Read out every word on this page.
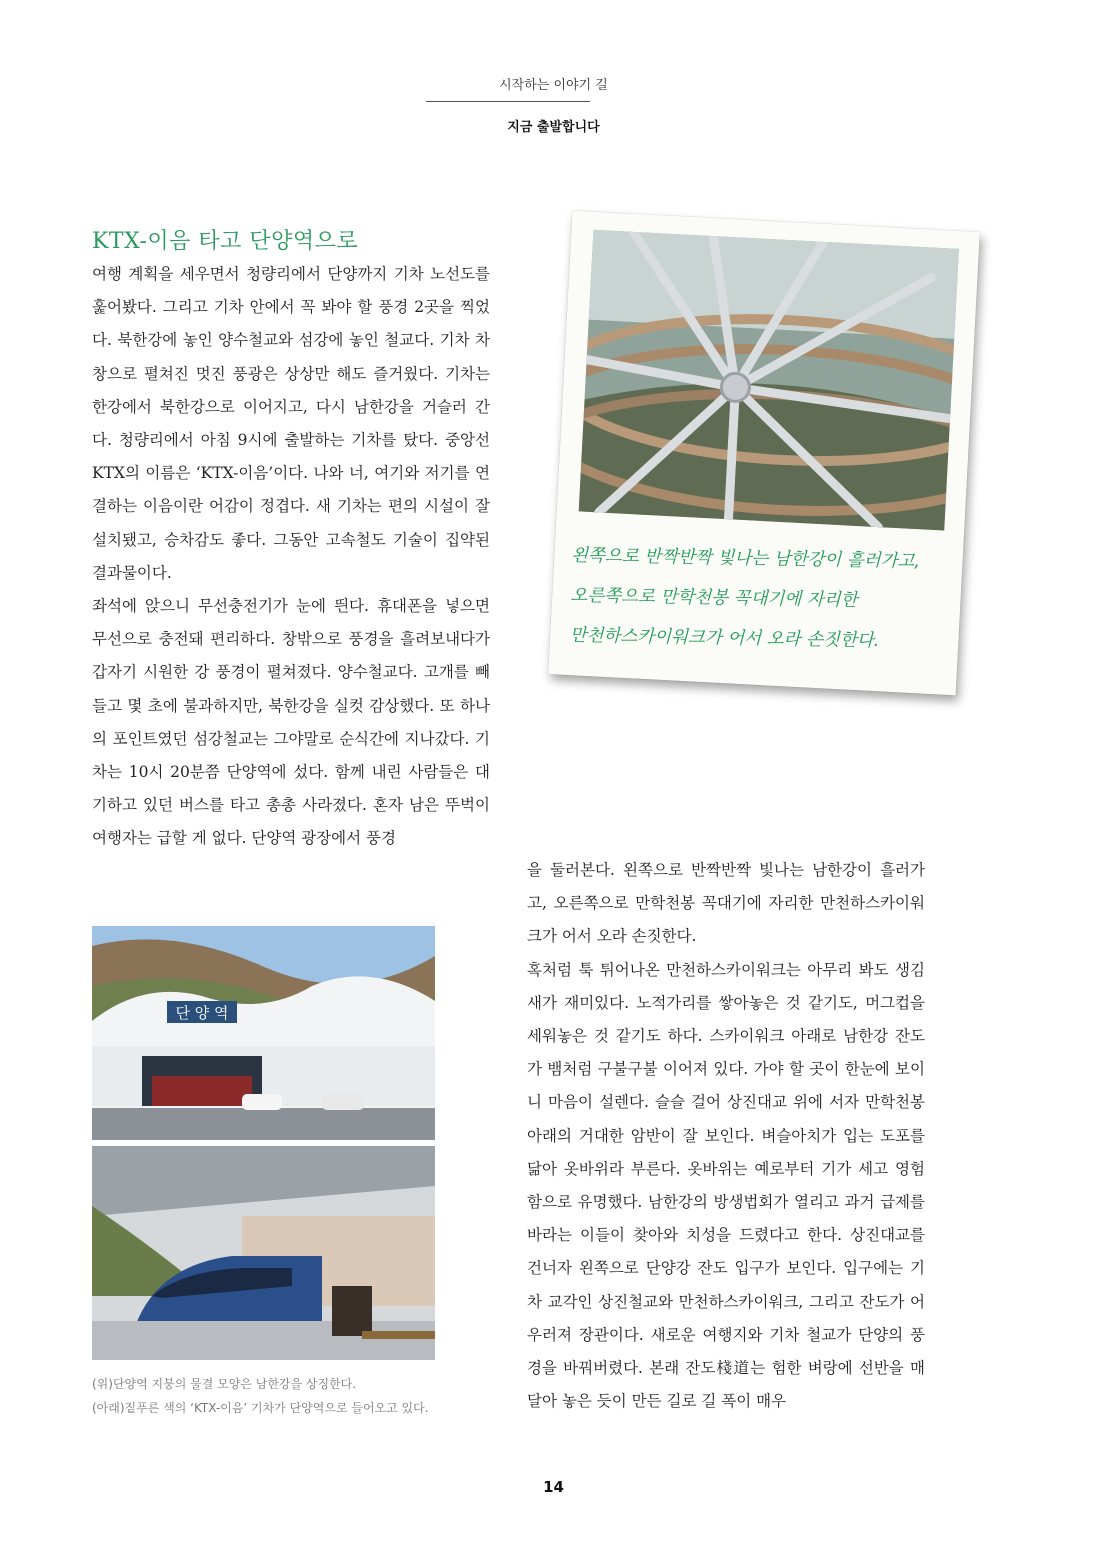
시작하는 이야기 길
지금 출발합니다
KTX-이음 타고 단양역으로

여행 계획을 세우면서 청량리에서 단양까지 기차 노선도를 훑어봤다. 그리고 기차 안에서 꼭 봐야 할 풍경 2곳을 찍었다. 북한강에 놓인 양수철교와 섬강에 놓인 철교다. 기차 차창으로 펼쳐진 멋진 풍광은 상상만 해도 즐거웠다. 기차는 한강에서 북한강으로 이어지고, 다시 남한강을 거슬러 간다. 청량리에서 아침 9시에 출발하는 기차를 탔다. 중앙선 KTX의 이름은 ‘KTX-이음’이다. 나와 너, 여기와 저기를 연결하는 이음이란 어감이 정겹다. 새 기차는 편의 시설이 잘 설치됐고, 승차감도 좋다. 그동안 고속철도 기술이 집약된 결과물이다.

좌석에 앉으니 무선충전기가 눈에 띈다. 휴대폰을 넣으면 무선으로 충전돼 편리하다. 창밖으로 풍경을 흘려보내다가 갑자기 시원한 강 풍경이 펼쳐졌다. 양수철교다. 고개를 빼들고 몇 초에 불과하지만, 북한강을 실컷 감상했다. 또 하나의 포인트였던 섬강철교는 그야말로 순식간에 지나갔다. 기차는 10시 20분쯤 단양역에 섰다. 함께 내린 사람들은 대기하고 있던 버스를 타고 총총 사라졌다. 혼자 남은 뚜벅이 여행자는 급할 게 없다. 단양역 광장에서 풍경

왼쪽으로 반짝반짝 빛나는 남한강이 흘러가고,
오른쪽으로 만학천봉 꼭대기에 자리한
만천하스카이워크가 어서 오라 손짓한다.

을 둘러본다. 왼쪽으로 반짝반짝 빛나는 남한강이 흘러가고, 오른쪽으로 만학천봉 꼭대기에 자리한 만천하스카이워크가 어서 오라 손짓한다.

혹처럼 툭 튀어나온 만천하스카이워크는 아무리 봐도 생김새가 재미있다. 노적가리를 쌓아놓은 것 같기도, 머그컵을 세워놓은 것 같기도 하다. 스카이워크 아래로 남한강 잔도가 뱀처럼 구불구불 이어져 있다. 가야 할 곳이 한눈에 보이니 마음이 설렌다. 슬슬 걸어 상진대교 위에 서자 만학천봉 아래의 거대한 암반이 잘 보인다. 벼슬아치가 입는 도포를 닮아 옷바위라 부른다. 옷바위는 예로부터 기가 세고 영험함으로 유명했다. 남한강의 방생법회가 열리고 과거 급제를 바라는 이들이 찾아와 치성을 드렸다고 한다. 상진대교를 건너자 왼쪽으로 단양강 잔도 입구가 보인다. 입구에는 기차 교각인 상진철교와 만천하스카이워크, 그리고 잔도가 어우러져 장관이다. 새로운 여행지와 기차 철교가 단양의 풍경을 바꿔버렸다. 본래 잔도棧道는 험한 벼랑에 선반을 매달아 놓은 듯이 만든 길로 길 폭이 매우

단 양 역
(위)단양역 지붕의 물결 모양은 남한강을 상징한다.
(아래)짙푸른 색의 ‘KTX-이음’ 기차가 단양역으로 들어오고 있다.
14
